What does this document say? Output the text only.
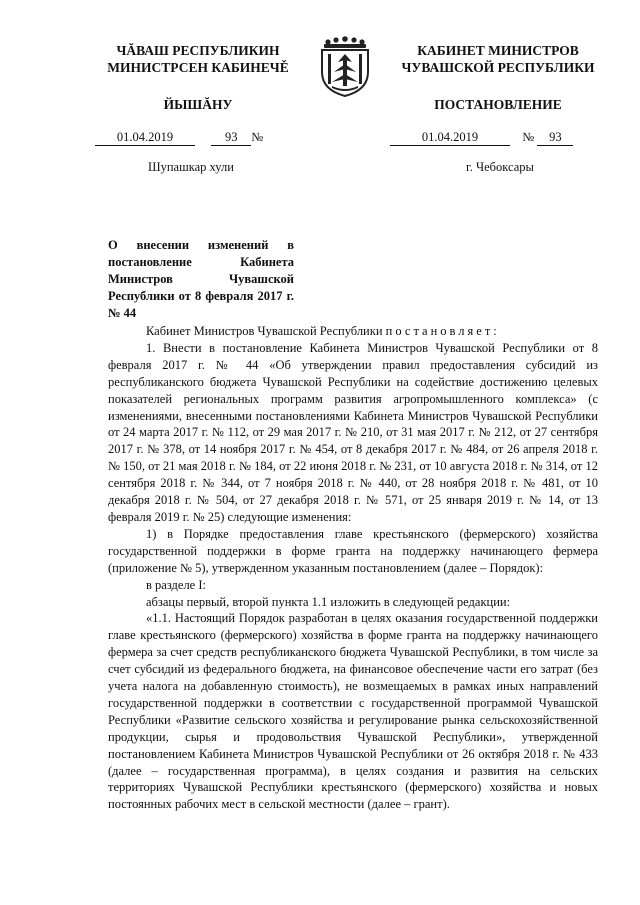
ЧĂВАШ РЕСПУБЛИКИН
МИНИСТРСЕН КАБИНЕЧĚ
ЙЫШĂНУ
КАБИНЕТ МИНИСТРОВ
ЧУВАШСКОЙ РЕСПУБЛИКИ
ПОСТАНОВЛЕНИЕ
01.04.2019	93 №	01.04.2019	№ 93
Шупашкар хули	г. Чебоксары
О внесении изменений в постановление Кабинета Министров Чувашской Республики от 8 февраля 2017 г. № 44

Кабинет Министров Чувашской Республики постановляет:

1. Внести в постановление Кабинета Министров Чувашской Республики от 8 февраля 2017 г. № 44 «Об утверждении правил предоставления субсидий из республиканского бюджета Чувашской Республики на содействие достижению целевых показателей региональных программ развития агропромышленного комплекса» (с изменениями, внесенными постановлениями Кабинета Министров Чувашской Республики от 24 марта 2017 г. № 112, от 29 мая 2017 г. № 210, от 31 мая 2017 г. № 212, от 27 сентября 2017 г. № 378, от 14 ноября 2017 г. № 454, от 8 декабря 2017 г. № 484, от 26 апреля 2018 г. № 150, от 21 мая 2018 г. № 184, от 22 июня 2018 г. № 231, от 10 августа 2018 г. № 314, от 12 сентября 2018 г. № 344, от 7 ноября 2018 г. № 440, от 28 ноября 2018 г. № 481, от 10 декабря 2018 г. № 504, от 27 декабря 2018 г. № 571, от 25 января 2019 г. № 14, от 13 февраля 2019 г. № 25) следующие изменения:

1) в Порядке предоставления главе крестьянского (фермерского) хозяйства государственной поддержки в форме гранта на поддержку начинающего фермера (приложение № 5), утвержденном указанным постановлением (далее – Порядок):

в разделе I:

абзацы первый, второй пункта 1.1 изложить в следующей редакции:

«1.1. Настоящий Порядок разработан в целях оказания государственной поддержки главе крестьянского (фермерского) хозяйства в форме гранта на поддержку начинающего фермера за счет средств республиканского бюджета Чувашской Республики, в том числе за счет субсидий из федерального бюджета, на финансовое обеспечение части его затрат (без учета налога на добавленную стоимость), не возмещаемых в рамках иных направлений государственной поддержки в соответствии с государственной программой Чувашской Республики «Развитие сельского хозяйства и регулирование рынка сельскохозяйственной продукции, сырья и продовольствия Чувашской Республики», утвержденной постановлением Кабинета Министров Чувашской Республики от 26 октября 2018 г. № 433 (далее – государственная программа), в целях создания и развития на сельских территориях Чувашской Республики крестьянского (фермерского) хозяйства и новых постоянных рабочих мест в сельской местности (далее – грант).
